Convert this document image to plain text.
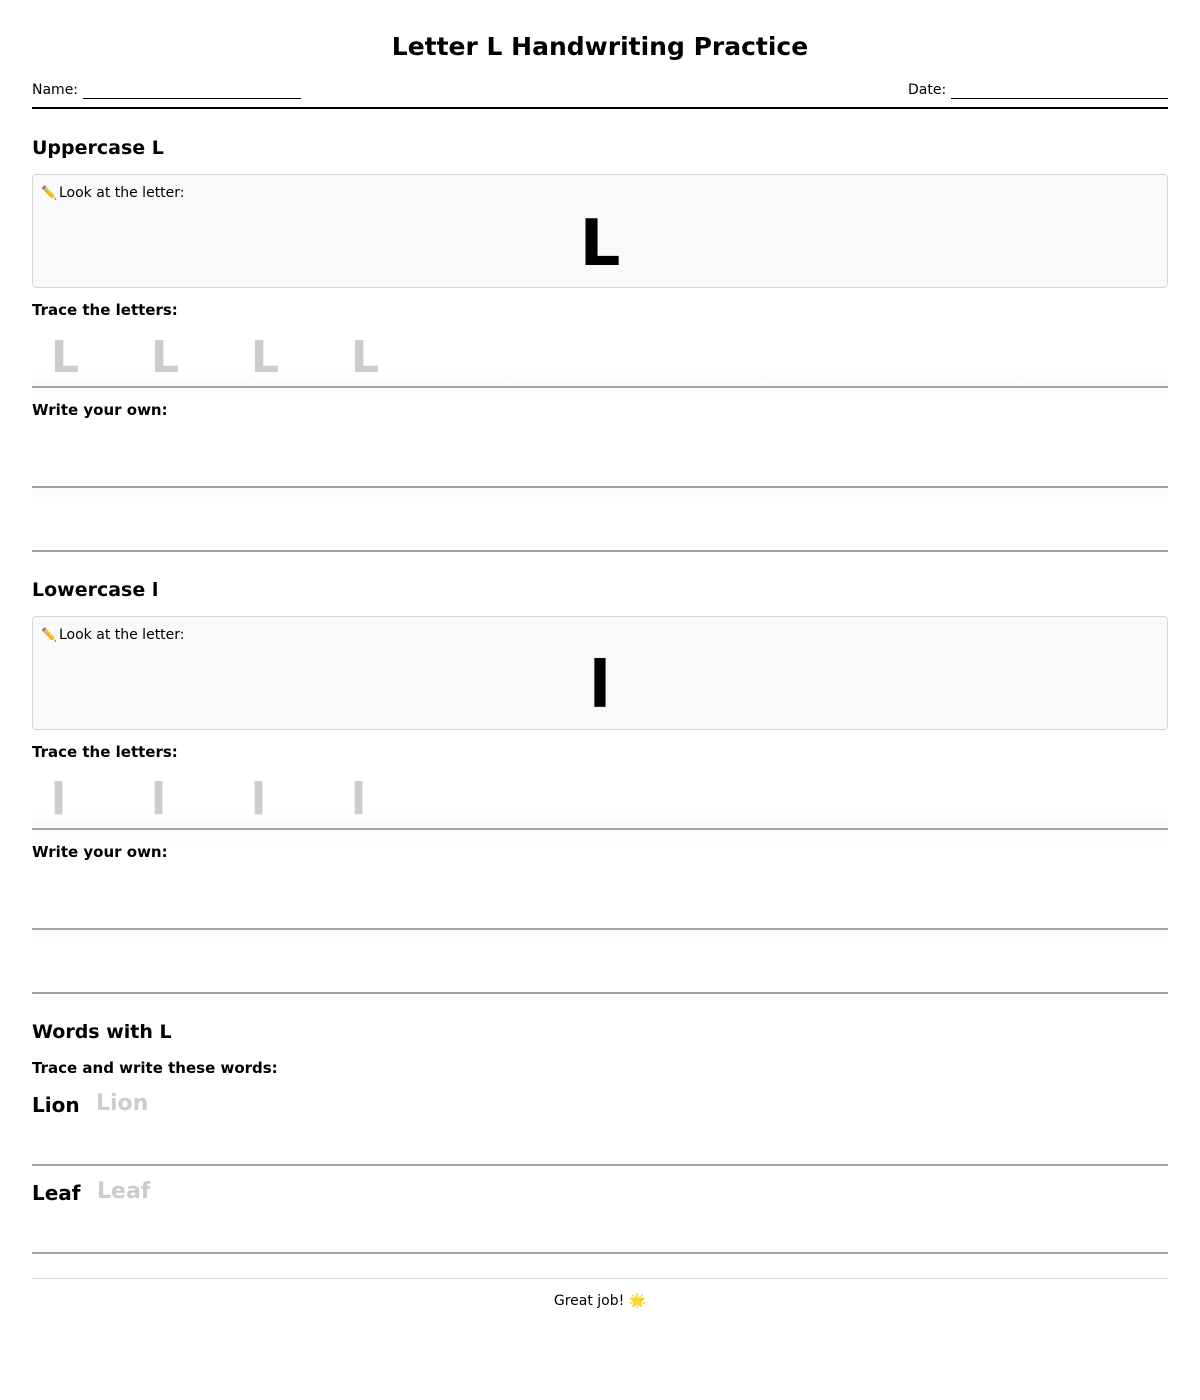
Letter L Handwriting Practice
Name:	Date:
Uppercase L
✏️ Look at the letter:
L
Trace the letters:
L	L	L	L
Write your own:
Lowercase l
✏️ Look at the letter:
l
Trace the letters:
l	l	l	l
Write your own:
Words with L
Trace and write these words:
Lion Lion
Leaf Leaf
Great job! 🌟
